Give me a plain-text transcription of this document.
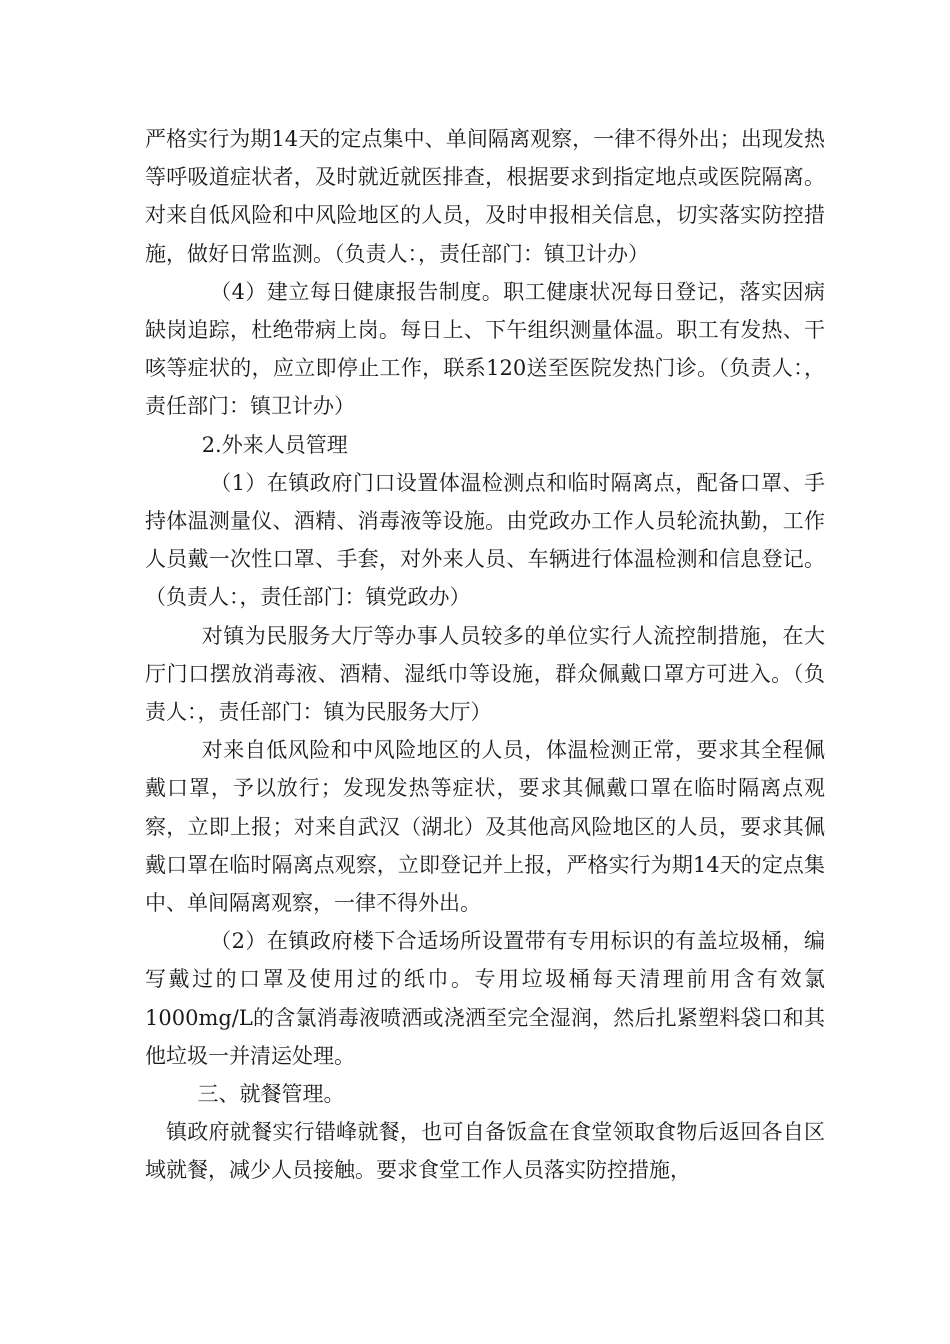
严格实行为期14天的定点集中、单间隔离观察，一律不得外出；出现发热等呼吸道症状者，及时就近就医排查，根据要求到指定地点或医院隔离。对来自低风险和中风险地区的人员，及时申报相关信息，切实落实防控措施，做好日常监测。（负责人：，责任部门：镇卫计办）

（4）建立每日健康报告制度。职工健康状况每日登记，落实因病缺岗追踪，杜绝带病上岗。每日上、下午组织测量体温。职工有发热、干咳等症状的，应立即停止工作，联系120送至医院发热门诊。（负责人：，责任部门：镇卫计办）

2.外来人员管理

（1）在镇政府门口设置体温检测点和临时隔离点，配备口罩、手持体温测量仪、酒精、消毒液等设施。由党政办工作人员轮流执勤，工作人员戴一次性口罩、手套，对外来人员、车辆进行体温检测和信息登记。（负责人：，责任部门：镇党政办）

对镇为民服务大厅等办事人员较多的单位实行人流控制措施，在大厅门口摆放消毒液、酒精、湿纸巾等设施，群众佩戴口罩方可进入。（负责人：，责任部门：镇为民服务大厅）

对来自低风险和中风险地区的人员，体温检测正常，要求其全程佩戴口罩，予以放行；发现发热等症状，要求其佩戴口罩在临时隔离点观察，立即上报；对来自武汉（湖北）及其他高风险地区的人员，要求其佩戴口罩在临时隔离点观察，立即登记并上报，严格实行为期14天的定点集中、单间隔离观察，一律不得外出。

（2）在镇政府楼下合适场所设置带有专用标识的有盖垃圾桶，编写戴过的口罩及使用过的纸巾。专用垃圾桶每天清理前用含有效氯1000mg/L的含氯消毒液喷洒或浇洒至完全湿润，然后扎紧塑料袋口和其他垃圾一并清运处理。

三、就餐管理。

镇政府就餐实行错峰就餐，也可自备饭盒在食堂领取食物后返回各自区域就餐，减少人员接触。要求食堂工作人员落实防控措施，
